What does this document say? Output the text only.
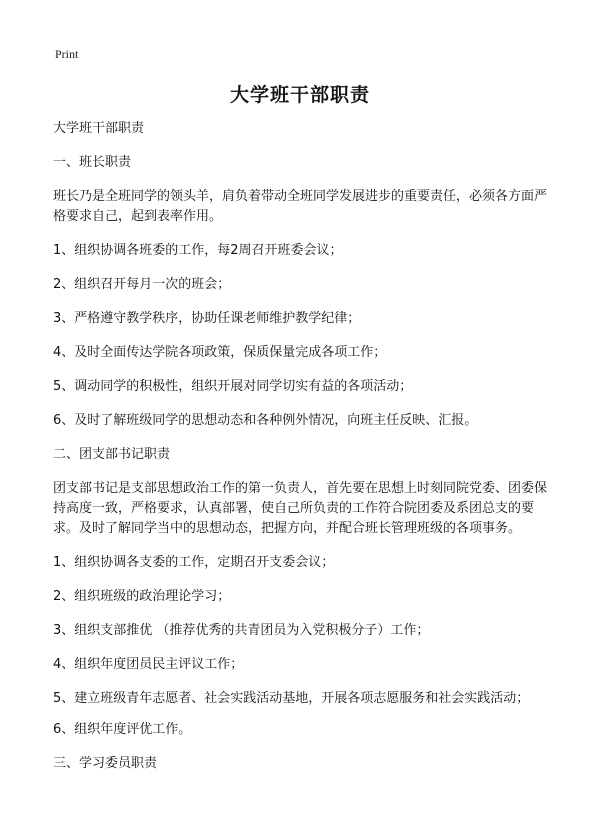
Print
大学班干部职责

大学班干部职责

一、班长职责

班长乃是全班同学的领头羊，肩负着带动全班同学发展进步的重要责任，必须各方面严格要求自己，起到表率作用。

1、组织协调各班委的工作，每2周召开班委会议；

2、组织召开每月一次的班会；

3、严格遵守教学秩序，协助任课老师维护教学纪律；

4、及时全面传达学院各项政策，保质保量完成各项工作；

5、调动同学的积极性，组织开展对同学切实有益的各项活动；

6、及时了解班级同学的思想动态和各种例外情况，向班主任反映、汇报。

二、团支部书记职责

团支部书记是支部思想政治工作的第一负责人，首先要在思想上时刻同院党委、团委保持高度一致，严格要求，认真部署，使自己所负责的工作符合院团委及系团总支的要求。及时了解同学当中的思想动态，把握方向，并配合班长管理班级的各项事务。

1、组织协调各支委的工作，定期召开支委会议；

2、组织班级的政治理论学习；

3、组织支部推优 （推荐优秀的共青团员为入党积极分子）工作；

4、组织年度团员民主评议工作；

5、建立班级青年志愿者、社会实践活动基地，开展各项志愿服务和社会实践活动；

6、组织年度评优工作。

三、学习委员职责
